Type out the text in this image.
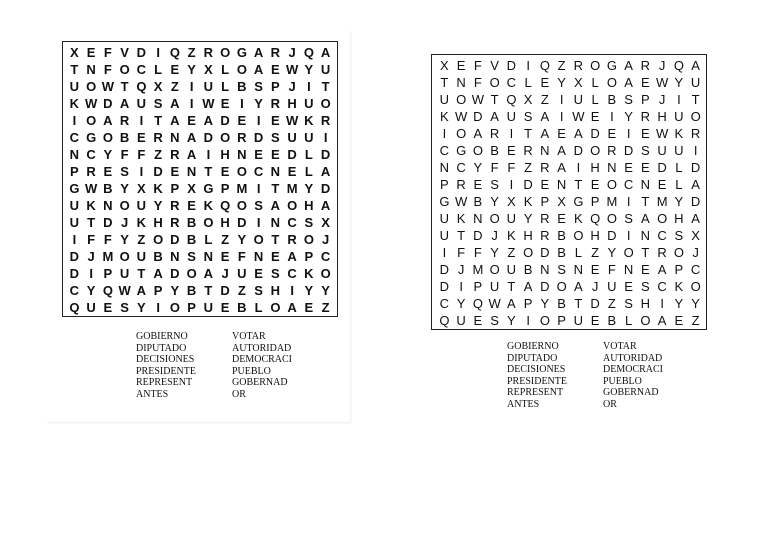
X E F V D I Q Z R O G A R J Q A
T N F O C L E Y X L O A E W Y U
U O W T Q X Z I U L B S P J I T
K W D A U S A I W E I Y R H U O
I O A R I T A E A D E I E W K R
C G O B E R N A D O R D S U U I
N C Y F F Z R A I H N E E D L D
P R E S I D E N T E O C N E L A
G W B Y X K P X G P M I T M Y D
U K N O U Y R E K Q O S A O H A
U T D J K H R B O H D I N C S X
I F F Y Z O D B L Z Y O T R O J
D J M O U B N S N E F N E A P C
D I P U T A D O A J U E S C K O
C Y Q W A P Y B T D Z S H I Y Y
Q U E S Y I O P U E B L O A E Z
GOBIERNO	VOTAR
DIPUTADO	AUTORIDAD
DECISIONES	DEMOCRACI
PRESIDENTE	PUEBLO
REPRESENT	GOBERNAD
ANTES	OR
X E F V D I Q Z R O G A R J Q A
T N F O C L E Y X L O A E W Y U
U O W T Q X Z I U L B S P J I T
K W D A U S A I W E I Y R H U O
I O A R I T A E A D E I E W K R
C G O B E R N A D O R D S U U I
N C Y F F Z R A I H N E E D L D
P R E S I D E N T E O C N E L A
G W B Y X K P X G P M I T M Y D
U K N O U Y R E K Q O S A O H A
U T D J K H R B O H D I N C S X
I F F Y Z O D B L Z Y O T R O J
D J M O U B N S N E F N E A P C
D I P U T A D O A J U E S C K O
C Y Q W A P Y B T D Z S H I Y Y
Q U E S Y I O P U E B L O A E Z
GOBIERNO	VOTAR
DIPUTADO	AUTORIDAD
DECISIONES	DEMOCRACI
PRESIDENTE	PUEBLO
REPRESENT	GOBERNAD
ANTES	OR
